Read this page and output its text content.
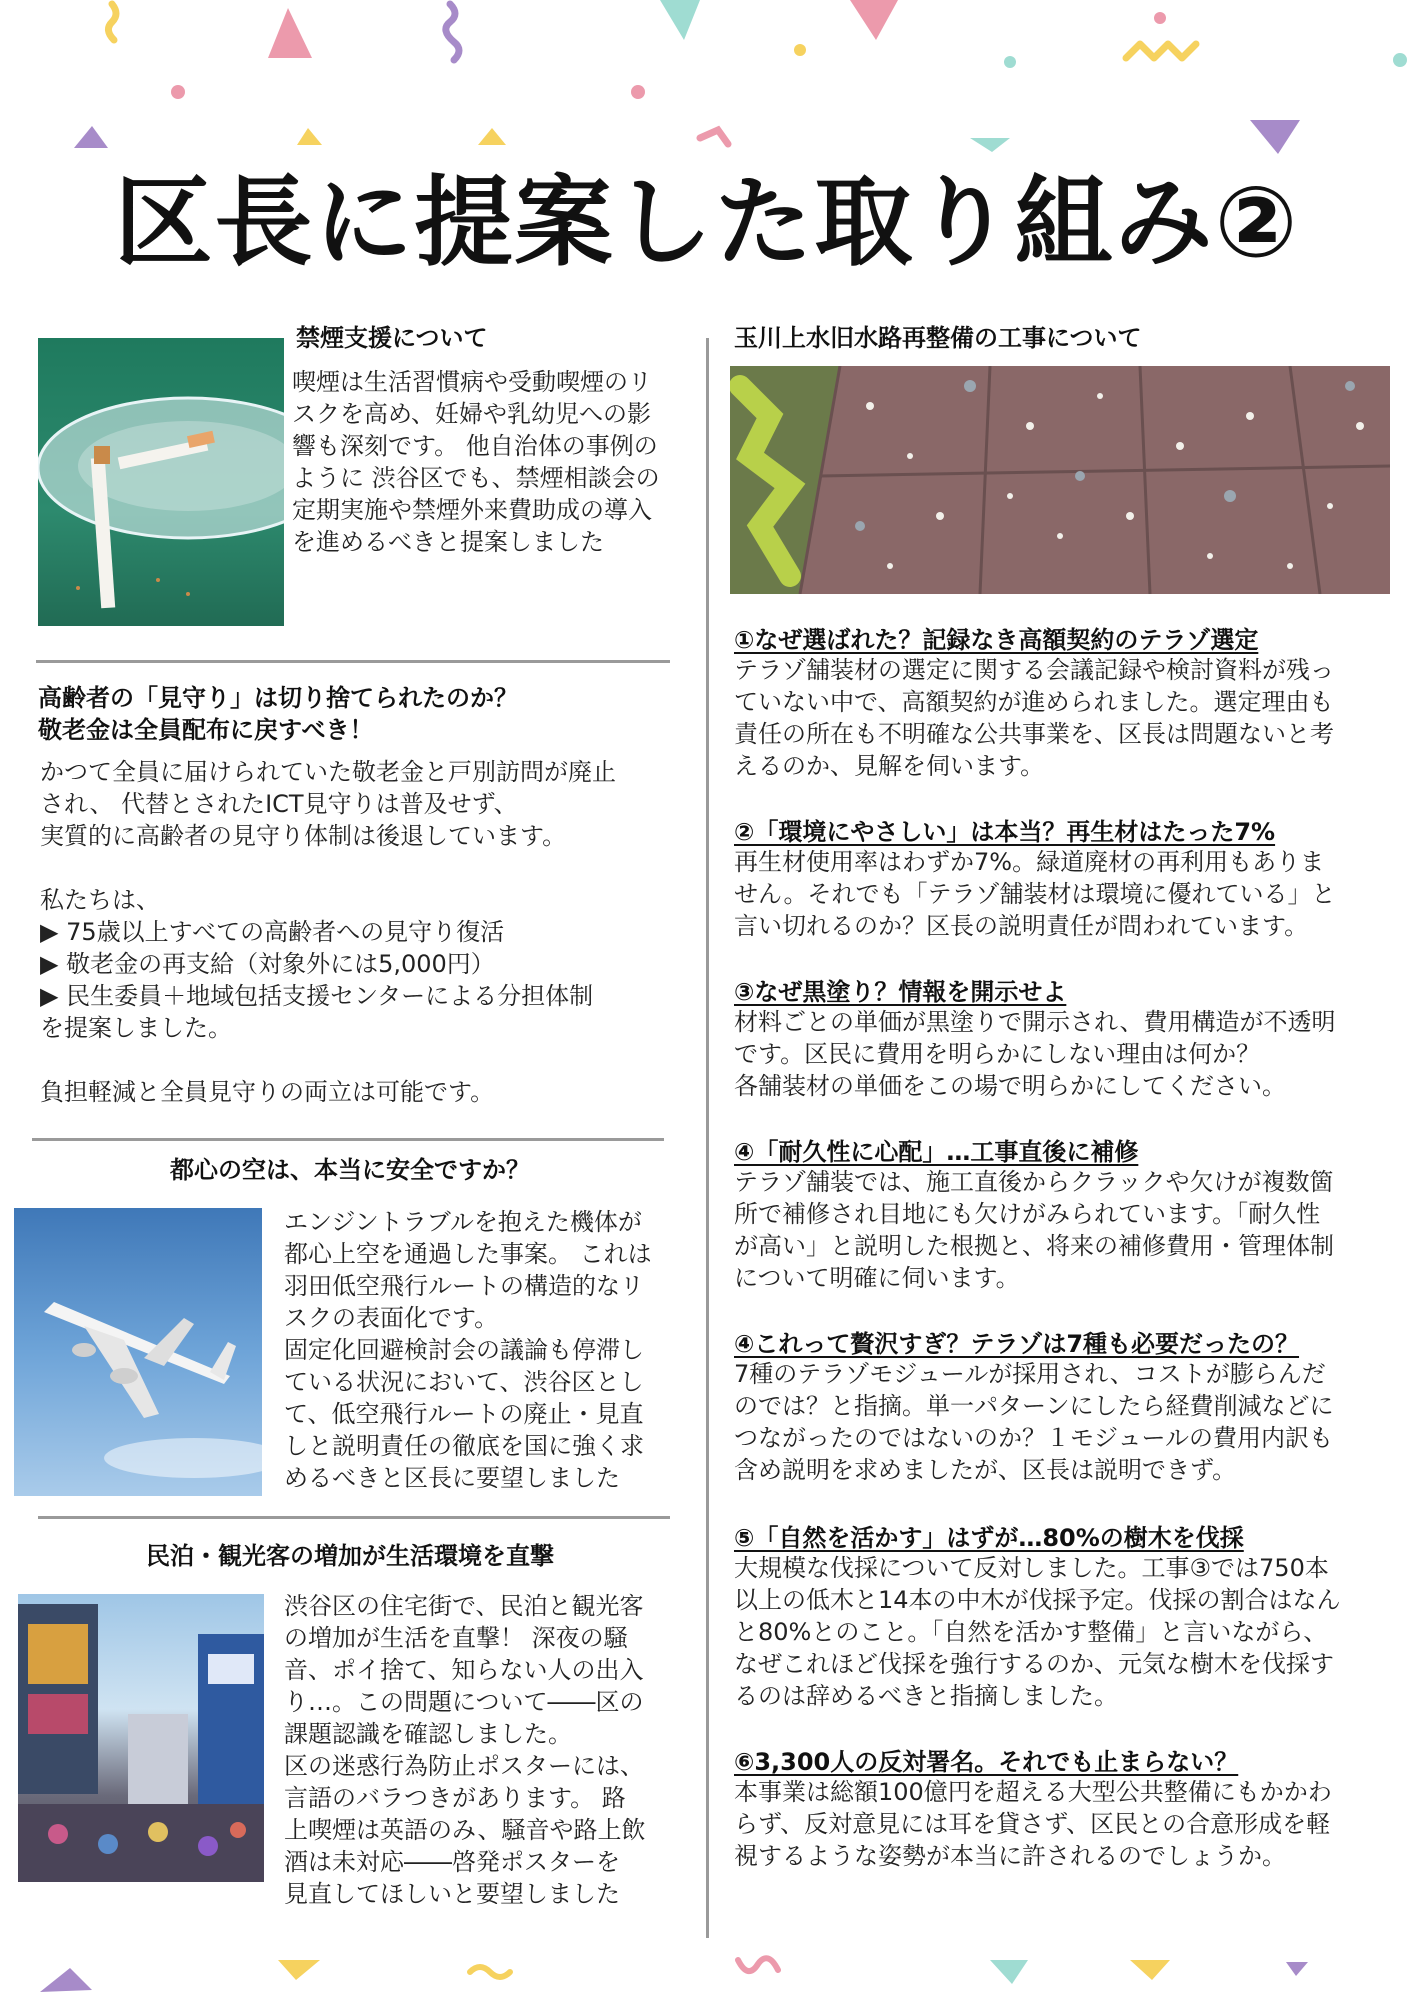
区長に提案した取り組み②
禁煙支援について
喫煙は生活習慣病や受動喫煙のリ
スクを高め、妊婦や乳幼児への影
響も深刻です。 他自治体の事例の
ように 渋谷区でも、禁煙相談会の
定期実施や禁煙外来費助成の導入
を進めるべきと提案しました
高齢者の「見守り」は切り捨てられたのか？
敬老金は全員配布に戻すべき！
かつて全員に届けられていた敬老金と戸別訪問が廃止
され、 代替とされたICT見守りは普及せず、
実質的に高齢者の見守り体制は後退しています。

私たちは、
▶ 75歳以上すべての高齢者への見守り復活
▶ 敬老金の再支給（対象外には5,000円）
▶ 民生委員＋地域包括支援センターによる分担体制
を提案しました。

負担軽減と全員見守りの両立は可能です。
都心の空は、本当に安全ですか？
エンジントラブルを抱えた機体が
都心上空を通過した事案。 これは
羽田低空飛行ルートの構造的なリ
スクの表面化です。
固定化回避検討会の議論も停滞し
ている状況において、渋谷区とし
て、低空飛行ルートの廃止・見直
しと説明責任の徹底を国に強く求
めるべきと区長に要望しました
民泊・観光客の増加が生活環境を直撃
渋谷区の住宅街で、民泊と観光客
の増加が生活を直撃！ 深夜の騒
音、ポイ捨て、知らない人の出入
り…。この問題について――区の
課題認識を確認しました。
区の迷惑行為防止ポスターには、
言語のバラつきがあります。 路
上喫煙は英語のみ、騒音や路上飲
酒は未対応――啓発ポスターを
見直してほしいと要望しました
玉川上水旧水路再整備の工事について
①なぜ選ばれた？記録なき高額契約のテラゾ選定
テラゾ舗装材の選定に関する会議記録や検討資料が残っ
ていない中で、高額契約が進められました。選定理由も
責任の所在も不明確な公共事業を、区長は問題ないと考
えるのか、見解を伺います。
②「環境にやさしい」は本当？再生材はたった7%
再生材使用率はわずか7%。緑道廃材の再利用もありま
せん。それでも「テラゾ舗装材は環境に優れている」と
言い切れるのか？区長の説明責任が問われています。
③なぜ黒塗り？情報を開示せよ
材料ごとの単価が黒塗りで開示され、費用構造が不透明
です。区民に費用を明らかにしない理由は何か？
各舗装材の単価をこの場で明らかにしてください。
④「耐久性に心配」…工事直後に補修
テラゾ舗装では、施工直後からクラックや欠けが複数箇
所で補修され目地にも欠けがみられています。「耐久性
が高い」と説明した根拠と、将来の補修費用・管理体制
について明確に伺います。
④これって贅沢すぎ？テラゾは7種も必要だったの？
7種のテラゾモジュールが採用され、コストが膨らんだ
のでは？と指摘。単一パターンにしたら経費削減などに
つながったのではないのか？１モジュールの費用内訳も
含め説明を求めましたが、区長は説明できず。
⑤「自然を活かす」はずが…80%の樹木を伐採
大規模な伐採について反対しました。工事③では750本
以上の低木と14本の中木が伐採予定。伐採の割合はなん
と80%とのこと。「自然を活かす整備」と言いながら、
なぜこれほど伐採を強行するのか、元気な樹木を伐採す
るのは辞めるべきと指摘しました。
⑥3,300人の反対署名。それでも止まらない？
本事業は総額100億円を超える大型公共整備にもかかわ
らず、反対意見には耳を貸さず、区民との合意形成を軽
視するような姿勢が本当に許されるのでしょうか。
